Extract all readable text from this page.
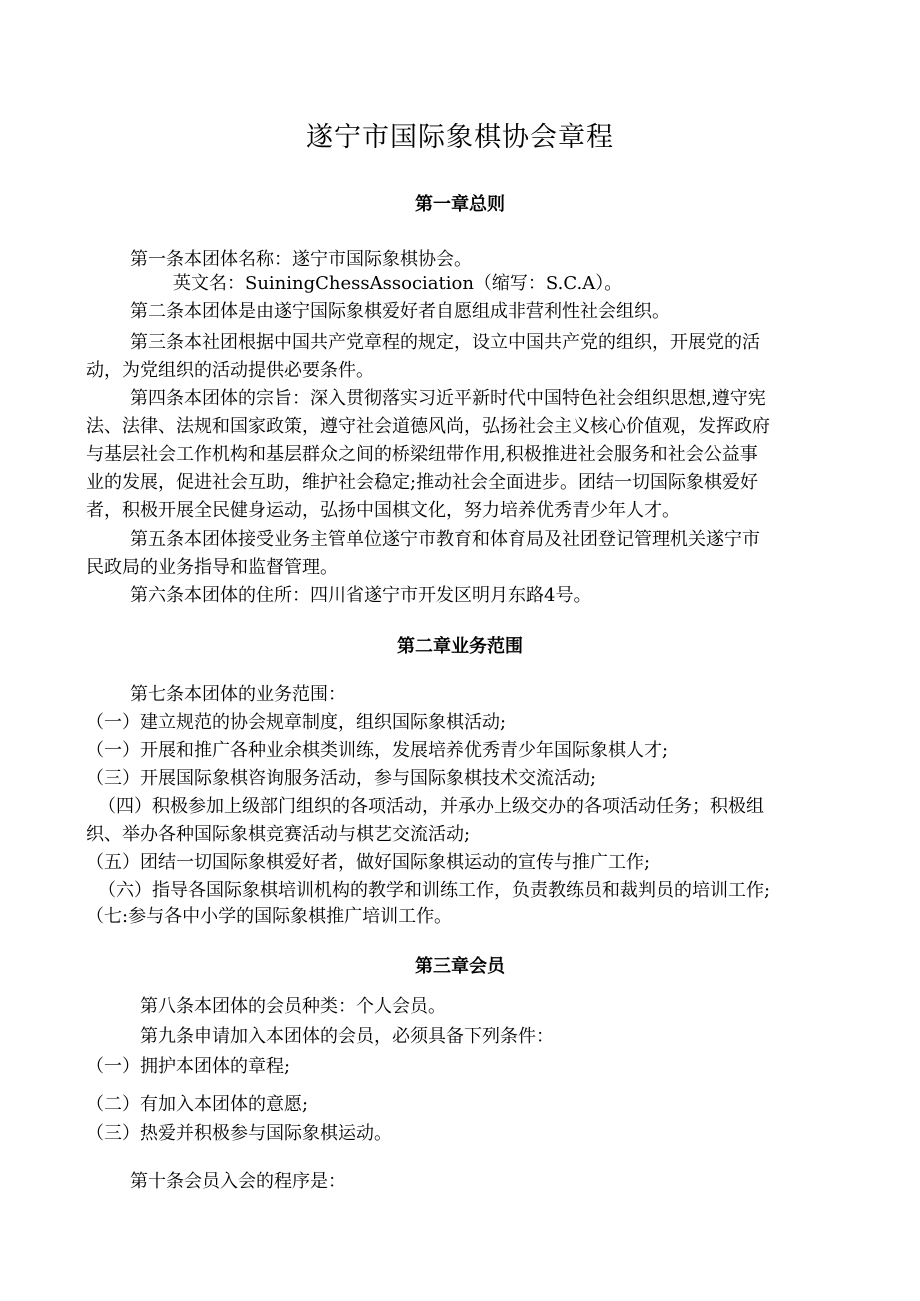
遂宁市国际象棋协会章程
第一章总则
第一条本团体名称：遂宁市国际象棋协会。
英文名：SuiningChessAssociation（缩写：S.C.A）。
第二条本团体是由遂宁国际象棋爱好者自愿组成非营利性社会组织。
第三条本社团根据中国共产党章程的规定，设立中国共产党的组织，开展党的活
动，为党组织的活动提供必要条件。
第四条本团体的宗旨：深入贯彻落实习近平新时代中国特色社会组织思想,遵守宪
法、法律、法规和国家政策，遵守社会道德风尚，弘扬社会主义核心价值观，发挥政府
与基层社会工作机构和基层群众之间的桥梁纽带作用,积极推进社会服务和社会公益事
业的发展，促进社会互助，维护社会稳定;推动社会全面进步。团结一切国际象棋爱好
者，积极开展全民健身运动，弘扬中国棋文化，努力培养优秀青少年人才。
第五条本团体接受业务主管单位遂宁市教育和体育局及社团登记管理机关遂宁市
民政局的业务指导和监督管理。
第六条本团体的住所：四川省遂宁市开发区明月东路4号。
第二章业务范围
第七条本团体的业务范围：
（一）建立规范的协会规章制度，组织国际象棋活动;
（一）开展和推广各种业余棋类训练，发展培养优秀青少年国际象棋人才;
（三）开展国际象棋咨询服务活动，参与国际象棋技术交流活动;
（四）积极参加上级部门组织的各项活动，并承办上级交办的各项活动任务；积极组
织、举办各种国际象棋竞赛活动与棋艺交流活动;
（五）团结一切国际象棋爱好者，做好国际象棋运动的宣传与推广工作;
（六）指导各国际象棋培训机构的教学和训练工作，负责教练员和裁判员的培训工作;
（七:参与各中小学的国际象棋推广培训工作。
第三章会员
第八条本团体的会员种类：个人会员。
第九条申请加入本团体的会员，必须具备下列条件：
（一）拥护本团体的章程;
（二）有加入本团体的意愿;
（三）热爱并积极参与国际象棋运动。
第十条会员入会的程序是：
